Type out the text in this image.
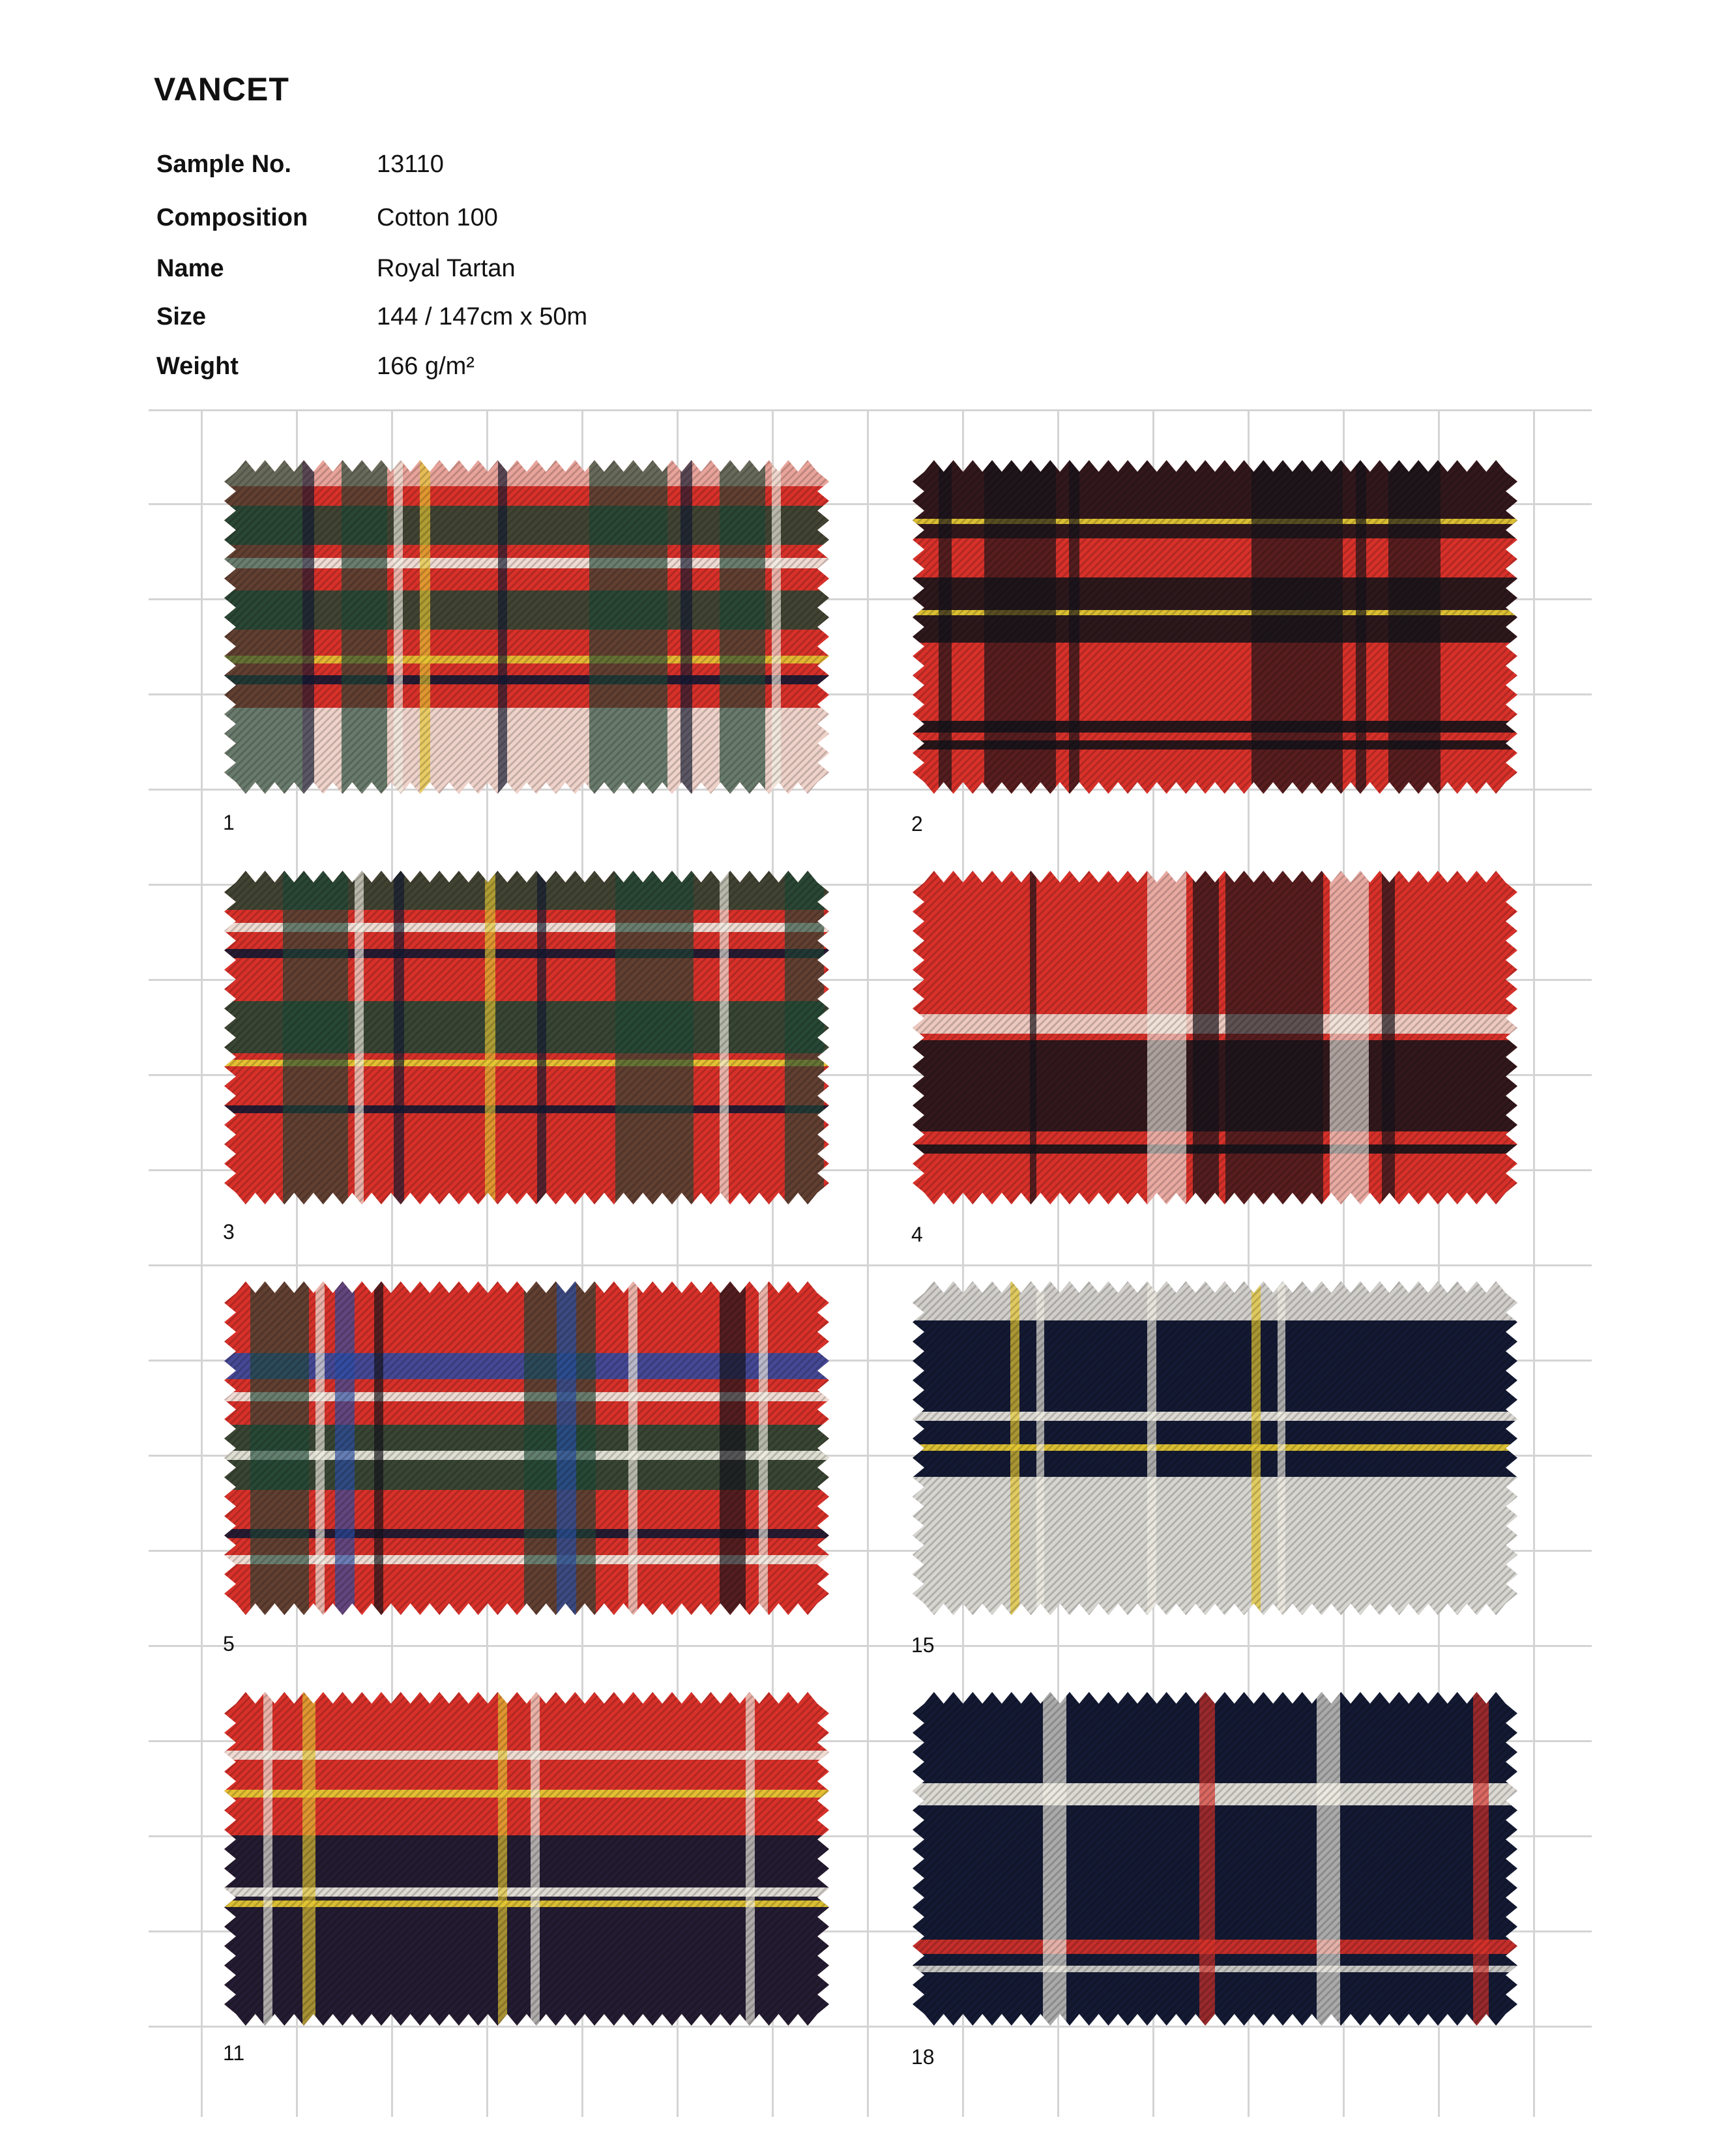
VANCET
Sample No.	13110
Composition	Cotton 100
Name	Royal Tartan
Size	144 / 147cm x 50m
Weight	166 g/m²
1	2
3	4
5	15
11	18
